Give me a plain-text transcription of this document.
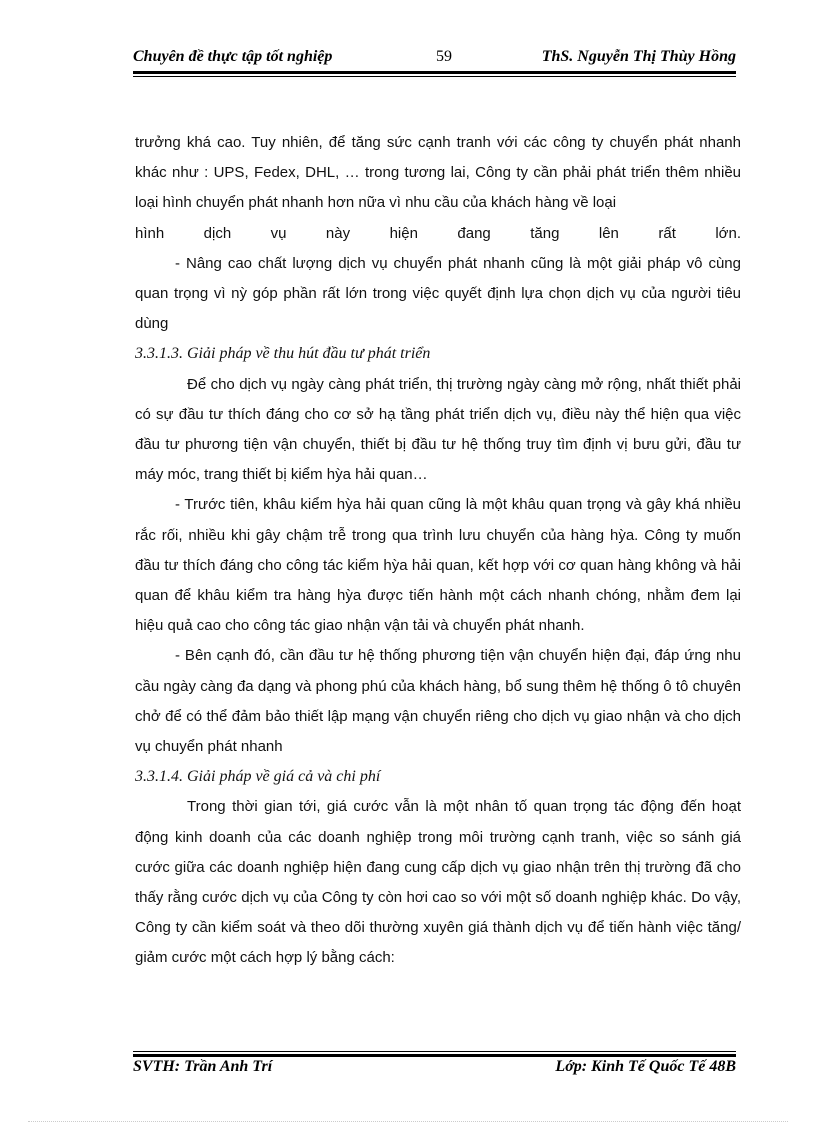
Chuyên đề thực tập tốt nghiệp	59	ThS. Nguyễn Thị Thùy Hồng

trưởng khá cao. Tuy nhiên, để tăng sức cạnh tranh với các công ty chuyển phát nhanh khác như : UPS, Fedex, DHL, … trong tương lai, Công ty cần phải phát triển thêm nhiều loại hình chuyển phát nhanh hơn nữa vì nhu cầu của khách hàng về loại

hình dịch vụ này hiện đang tăng lên rất lớn.

- Nâng cao chất lượng dịch vụ chuyển phát nhanh cũng là một giải pháp vô cùng quan trọng vì nỳ góp phần rất lớn trong việc quyết định lựa chọn dịch vụ của người tiêu dùng

3.3.1.3. Giải pháp về thu hút đầu tư phát triển

Để cho dịch vụ ngày càng phát triển, thị trường ngày càng mở rộng, nhất thiết phải có sự đầu tư thích đáng cho cơ sở hạ tầng phát triển dịch vụ, điều này thể hiện qua việc đầu tư phương tiện vận chuyển, thiết bị đầu tư hệ thống truy tìm định vị bưu gửi, đầu tư máy móc, trang thiết bị kiểm hỳa hải quan…

- Trước tiên, khâu kiểm hỳa hải quan cũng là một khâu quan trọng và gây khá nhiều rắc rối, nhiều khi gây chậm trễ trong qua trình lưu chuyển của hàng hỳa. Công ty muốn đầu tư thích đáng cho công tác kiểm hỳa hải quan, kết hợp với cơ quan hàng không và hải quan để khâu kiểm tra hàng hỳa được tiến hành một cách nhanh chóng, nhằm đem lại hiệu quả cao cho công tác giao nhận vận tải và chuyển phát nhanh.

- Bên cạnh đó, cần đầu tư hệ thống phương tiện vận chuyển hiện đại, đáp ứng nhu cầu ngày càng đa dạng và phong phú của khách hàng, bổ sung thêm hệ thống ô tô chuyên chở để có thể đảm bảo thiết lập mạng vận chuyển riêng cho dịch vụ giao nhận và cho dịch vụ chuyển phát nhanh

3.3.1.4. Giải pháp về giá cả và chi phí

Trong thời gian tới, giá cước vẫn là một nhân tố quan trọng tác động đến hoạt động kinh doanh của các doanh nghiệp trong môi trường cạnh tranh, việc so sánh giá cước giữa các doanh nghiệp hiện đang cung cấp dịch vụ giao nhận trên thị trường đã cho thấy rằng cước dịch vụ của Công ty còn hơi cao so với một số doanh nghiệp khác. Do vậy, Công ty cần kiểm soát và theo dõi thường xuyên giá thành dịch vụ để tiến hành việc tăng/ giảm cước một cách hợp lý bằng cách:

SVTH: Trần Anh Trí	Lớp: Kinh Tế Quốc Tế 48B
